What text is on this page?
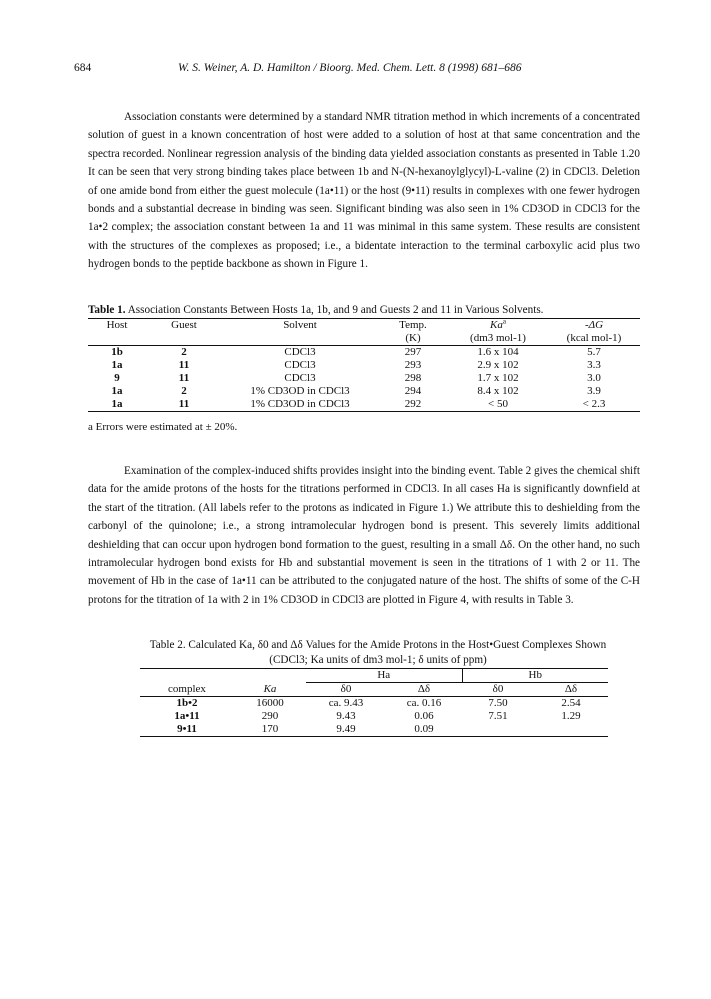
684	W. S. Weiner, A. D. Hamilton / Bioorg. Med. Chem. Lett. 8 (1998) 681–686

Association constants were determined by a standard NMR titration method in which increments of a concentrated solution of guest in a known concentration of host were added to a solution of host at that same concentration and the spectra recorded. Nonlinear regression analysis of the binding data yielded association constants as presented in Table 1.20 It can be seen that very strong binding takes place between 1b and N-(N-hexanoylglycyl)-L-valine (2) in CDCl3. Deletion of one amide bond from either the guest molecule (1a•11) or the host (9•11) results in complexes with one fewer hydrogen bonds and a substantial decrease in binding was seen. Significant binding was also seen in 1% CD3OD in CDCl3 for the 1a•2 complex; the association constant between 1a and 11 was minimal in this same system. These results are consistent with the structures of the complexes as proposed; i.e., a bidentate interaction to the terminal carboxylic acid plus two hydrogen bonds to the peptide backbone as shown in Figure 1.

Table 1. Association Constants Between Hosts 1a, 1b, and 9 and Guests 2 and 11 in Various Solvents.
Host	Guest	Solvent	Temp.	Ka$^a$	-ΔG
			(K)	(dm3 mol-1)	(kcal mol-1)
1b	2	CDCl3	297	1.6 x 104	5.7
1a	11	CDCl3	293	2.9 x 102	3.3
9	11	CDCl3	298	1.7 x 102	3.0
1a	2	1% CD3OD in CDCl3	294	8.4 x 102	3.9
1a	11	1% CD3OD in CDCl3	292	< 50	< 2.3
a Errors were estimated at ± 20%.

Examination of the complex-induced shifts provides insight into the binding event. Table 2 gives the chemical shift data for the amide protons of the hosts for the titrations performed in CDCl3. In all cases Ha is significantly downfield at the start of the titration. (All labels refer to the protons as indicated in Figure 1.) We attribute this to deshielding from the carbonyl of the quinolone; i.e., a strong intramolecular hydrogen bond is present. This severely limits additional deshielding that can occur upon hydrogen bond formation to the guest, resulting in a small Δδ. On the other hand, no such intramolecular hydrogen bond exists for Hb and substantial movement is seen in the titrations of 1 with 2 or 11. The movement of Hb in the case of 1a•11 can be attributed to the conjugated nature of the host. The shifts of some of the C-H protons for the titration of 1a with 2 in 1% CD3OD in CDCl3 are plotted in Figure 4, with results in Table 3.

Table 2. Calculated Ka, δ0 and Δδ Values for the Amide Protons in the Host•Guest Complexes Shown
(CDCl3; Ka units of dm3 mol-1; δ units of ppm)
		Ha		Hb	
complex	Ka	δ0	Δδ	δ0	Δδ
1b•2	16000	ca. 9.43	ca. 0.16	7.50	2.54
1a•11	290	9.43	0.06	7.51	1.29
9•11	170	9.49	0.09		
